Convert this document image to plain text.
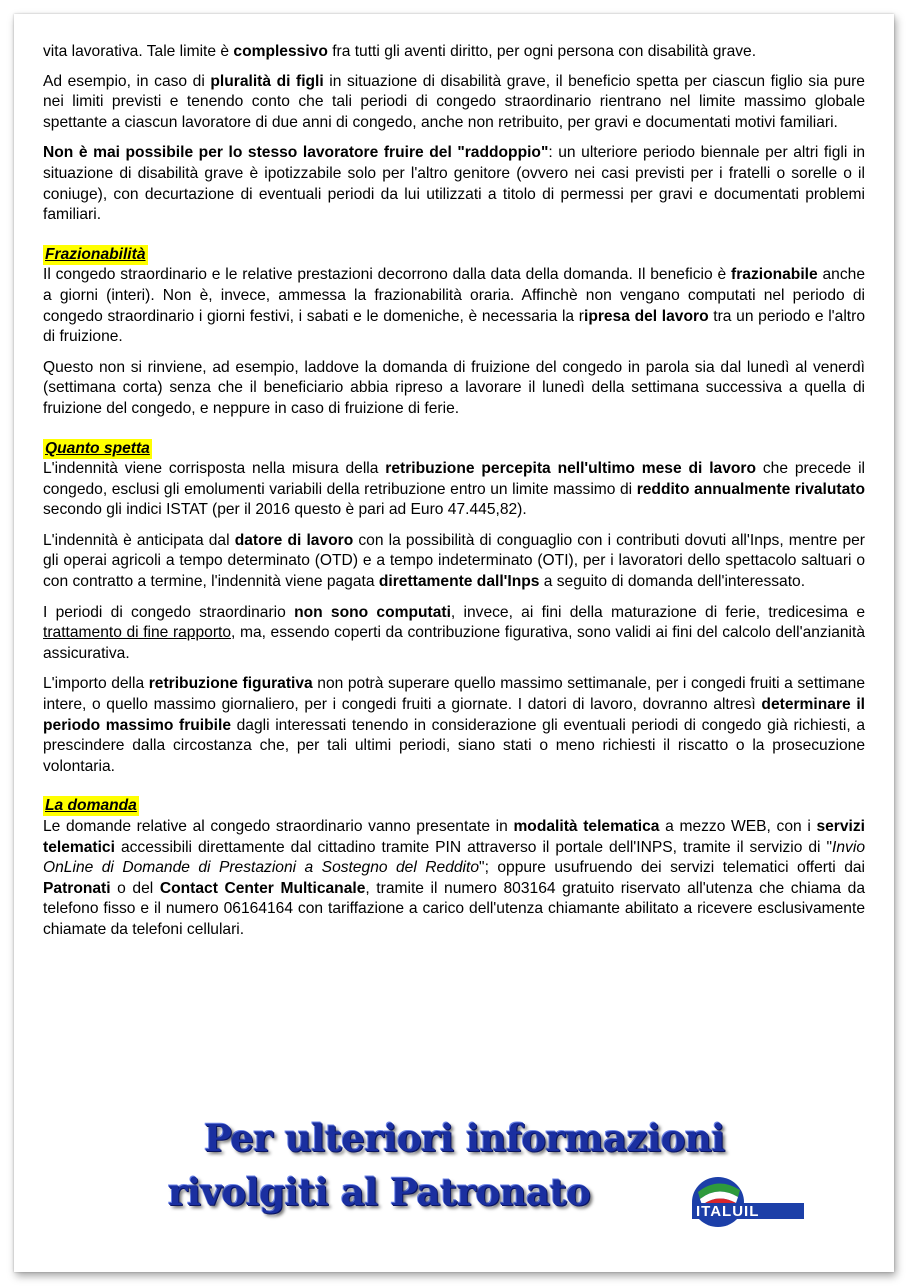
vita lavorativa. Tale limite è complessivo fra tutti gli aventi diritto, per ogni persona con disabilità grave.

Ad esempio, in caso di pluralità di figli in situazione di disabilità grave, il beneficio spetta per ciascun figlio sia pure nei limiti previsti e tenendo conto che tali periodi di congedo straordinario rientrano nel limite massimo globale spettante a ciascun lavoratore di due anni di congedo, anche non retribuito, per gravi e documentati motivi familiari.

Non è mai possibile per lo stesso lavoratore fruire del "raddoppio": un ulteriore periodo biennale per altri figli in situazione di disabilità grave è ipotizzabile solo per l'altro genitore (ovvero nei casi previsti per i fratelli o sorelle o il coniuge), con decurtazione di eventuali periodi da lui utilizzati a titolo di permessi per gravi e documentati problemi familiari.

Frazionabilità

Il congedo straordinario e le relative prestazioni decorrono dalla data della domanda. Il beneficio è frazionabile anche a giorni (interi). Non è, invece, ammessa la frazionabilità oraria. Affinchè non vengano computati nel periodo di congedo straordinario i giorni festivi, i sabati e le domeniche, è necessaria la ripresa del lavoro tra un periodo e l'altro di fruizione.

Questo non si rinviene, ad esempio, laddove la domanda di fruizione del congedo in parola sia dal lunedì al venerdì (settimana corta) senza che il beneficiario abbia ripreso a lavorare il lunedì della settimana successiva a quella di fruizione del congedo, e neppure in caso di fruizione di ferie.

Quanto spetta

L'indennità viene corrisposta nella misura della retribuzione percepita nell'ultimo mese di lavoro che precede il congedo, esclusi gli emolumenti variabili della retribuzione entro un limite massimo di reddito annualmente rivalutato secondo gli indici ISTAT (per il 2016 questo è pari ad Euro 47.445,82).

L'indennità è anticipata dal datore di lavoro con la possibilità di conguaglio con i contributi dovuti all'Inps, mentre per gli operai agricoli a tempo determinato (OTD) e a tempo indeterminato (OTI), per i lavoratori dello spettacolo saltuari o con contratto a termine, l'indennità viene pagata direttamente dall'Inps a seguito di domanda dell'interessato.

I periodi di congedo straordinario non sono computati, invece, ai fini della maturazione di ferie, tredicesima e trattamento di fine rapporto, ma, essendo coperti da contribuzione figurativa, sono validi ai fini del calcolo dell'anzianità assicurativa.

L'importo della retribuzione figurativa non potrà superare quello massimo settimanale, per i congedi fruiti a settimane intere, o quello massimo giornaliero, per i congedi fruiti a giornate. I datori di lavoro, dovranno altresì determinare il periodo massimo fruibile dagli interessati tenendo in considerazione gli eventuali periodi di congedo già richiesti, a prescindere dalla circostanza che, per tali ultimi periodi, siano stati o meno richiesti il riscatto o la prosecuzione volontaria.

La domanda

Le domande relative al congedo straordinario vanno presentate in modalità telematica a mezzo WEB, con i servizi telematici accessibili direttamente dal cittadino tramite PIN attraverso il portale dell'INPS, tramite il servizio di "Invio OnLine di Domande di Prestazioni a Sostegno del Reddito"; oppure usufruendo dei servizi telematici offerti dai Patronati o del Contact Center Multicanale, tramite il numero 803164 gratuito riservato all'utenza che chiama da telefono fisso e il numero 06164164 con tariffazione a carico dell'utenza chiamante abilitato a ricevere esclusivamente chiamate da telefoni cellulari.

Per ulteriori informazioni
rivolgiti al Patronato	ITALUIL
